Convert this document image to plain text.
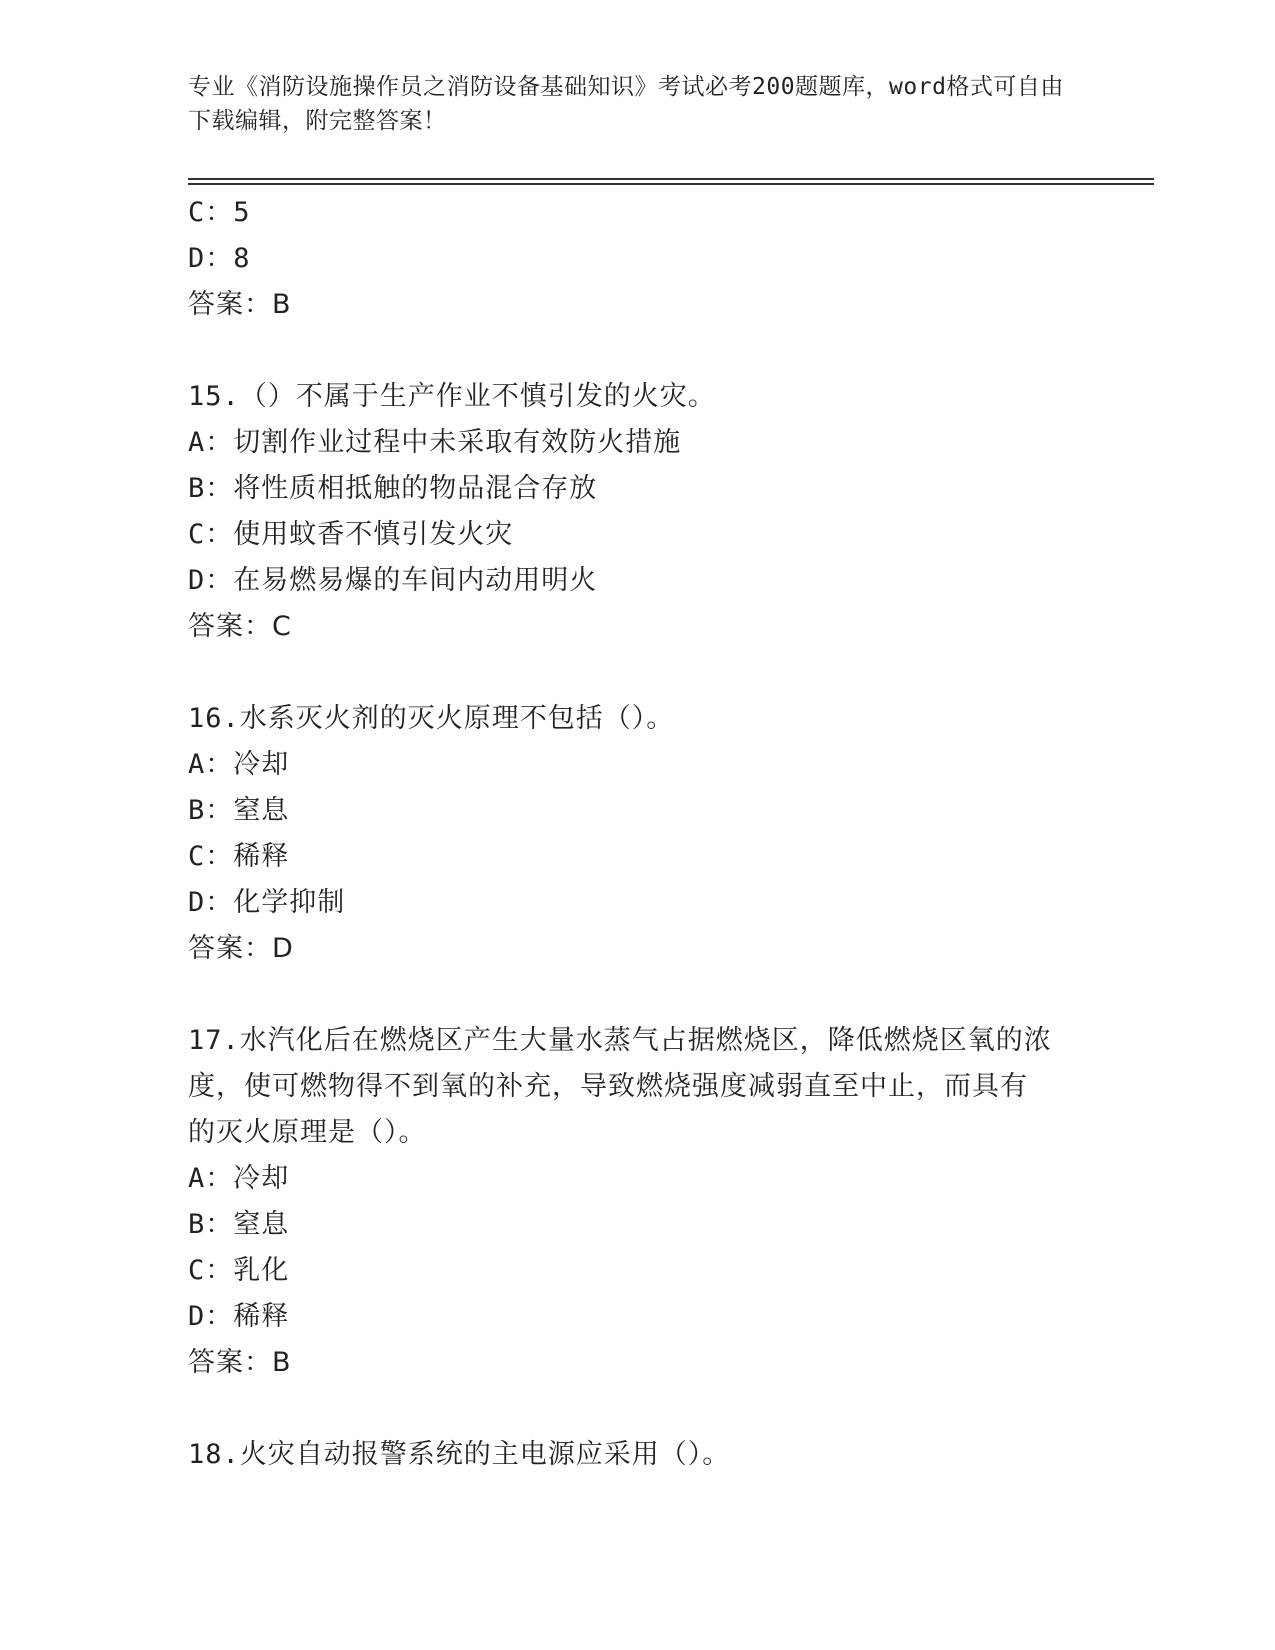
专业《消防设施操作员之消防设备基础知识》考试必考200题题库，word格式可自由下载编辑，附完整答案！
C：5
D：8
答案：B
15.（）不属于生产作业不慎引发的火灾。
A：切割作业过程中未采取有效防火措施
B：将性质相抵触的物品混合存放
C：使用蚊香不慎引发火灾
D：在易燃易爆的车间内动用明火
答案：C
16.水系灭火剂的灭火原理不包括（）。
A：冷却
B：窒息
C：稀释
D：化学抑制
答案：D
17.水汽化后在燃烧区产生大量水蒸气占据燃烧区，降低燃烧区氧的浓
度，使可燃物得不到氧的补充，导致燃烧强度减弱直至中止，而具有
的灭火原理是（）。
A：冷却
B：窒息
C：乳化
D：稀释
答案：B
18.火灾自动报警系统的主电源应采用（）。
